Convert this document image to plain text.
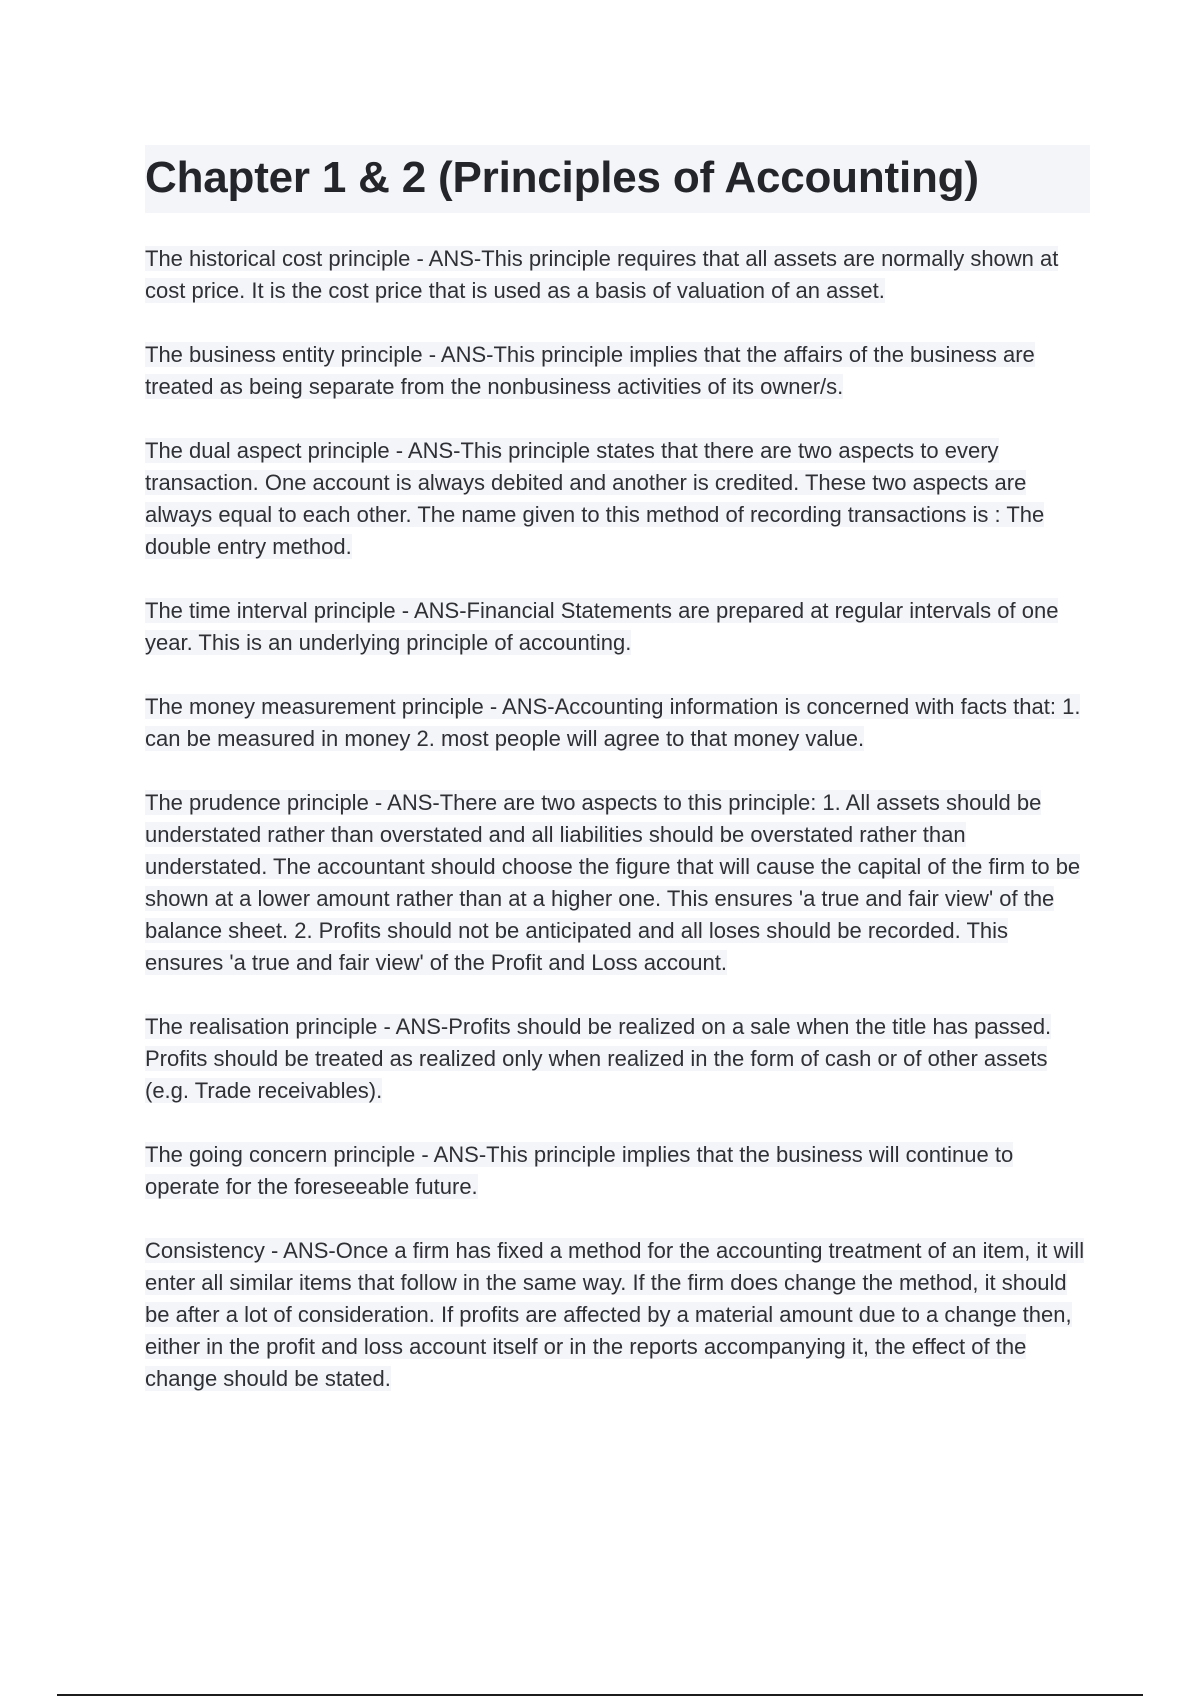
Chapter 1 & 2 (Principles of Accounting)

The historical cost principle - ANS-This principle requires that all assets are normally shown at cost price. It is the cost price that is used as a basis of valuation of an asset.

The business entity principle - ANS-This principle implies that the affairs of the business are treated as being separate from the nonbusiness activities of its owner/s.

The dual aspect principle - ANS-This principle states that there are two aspects to every transaction. One account is always debited and another is credited. These two aspects are always equal to each other. The name given to this method of recording transactions is : The double entry method.

The time interval principle - ANS-Financial Statements are prepared at regular intervals of one year. This is an underlying principle of accounting.

The money measurement principle - ANS-Accounting information is concerned with facts that: 1. can be measured in money 2. most people will agree to that money value.

The prudence principle - ANS-There are two aspects to this principle: 1. All assets should be understated rather than overstated and all liabilities should be overstated rather than understated. The accountant should choose the figure that will cause the capital of the firm to be shown at a lower amount rather than at a higher one. This ensures 'a true and fair view' of the balance sheet. 2. Profits should not be anticipated and all loses should be recorded. This ensures 'a true and fair view' of the Profit and Loss account.

The realisation principle - ANS-Profits should be realized on a sale when the title has passed. Profits should be treated as realized only when realized in the form of cash or of other assets (e.g. Trade receivables).

The going concern principle - ANS-This principle implies that the business will continue to operate for the foreseeable future.

Consistency - ANS-Once a firm has fixed a method for the accounting treatment of an item, it will enter all similar items that follow in the same way. If the firm does change the method, it should be after a lot of consideration. If profits are affected by a material amount due to a change then, either in the profit and loss account itself or in the reports accompanying it, the effect of the change should be stated.
